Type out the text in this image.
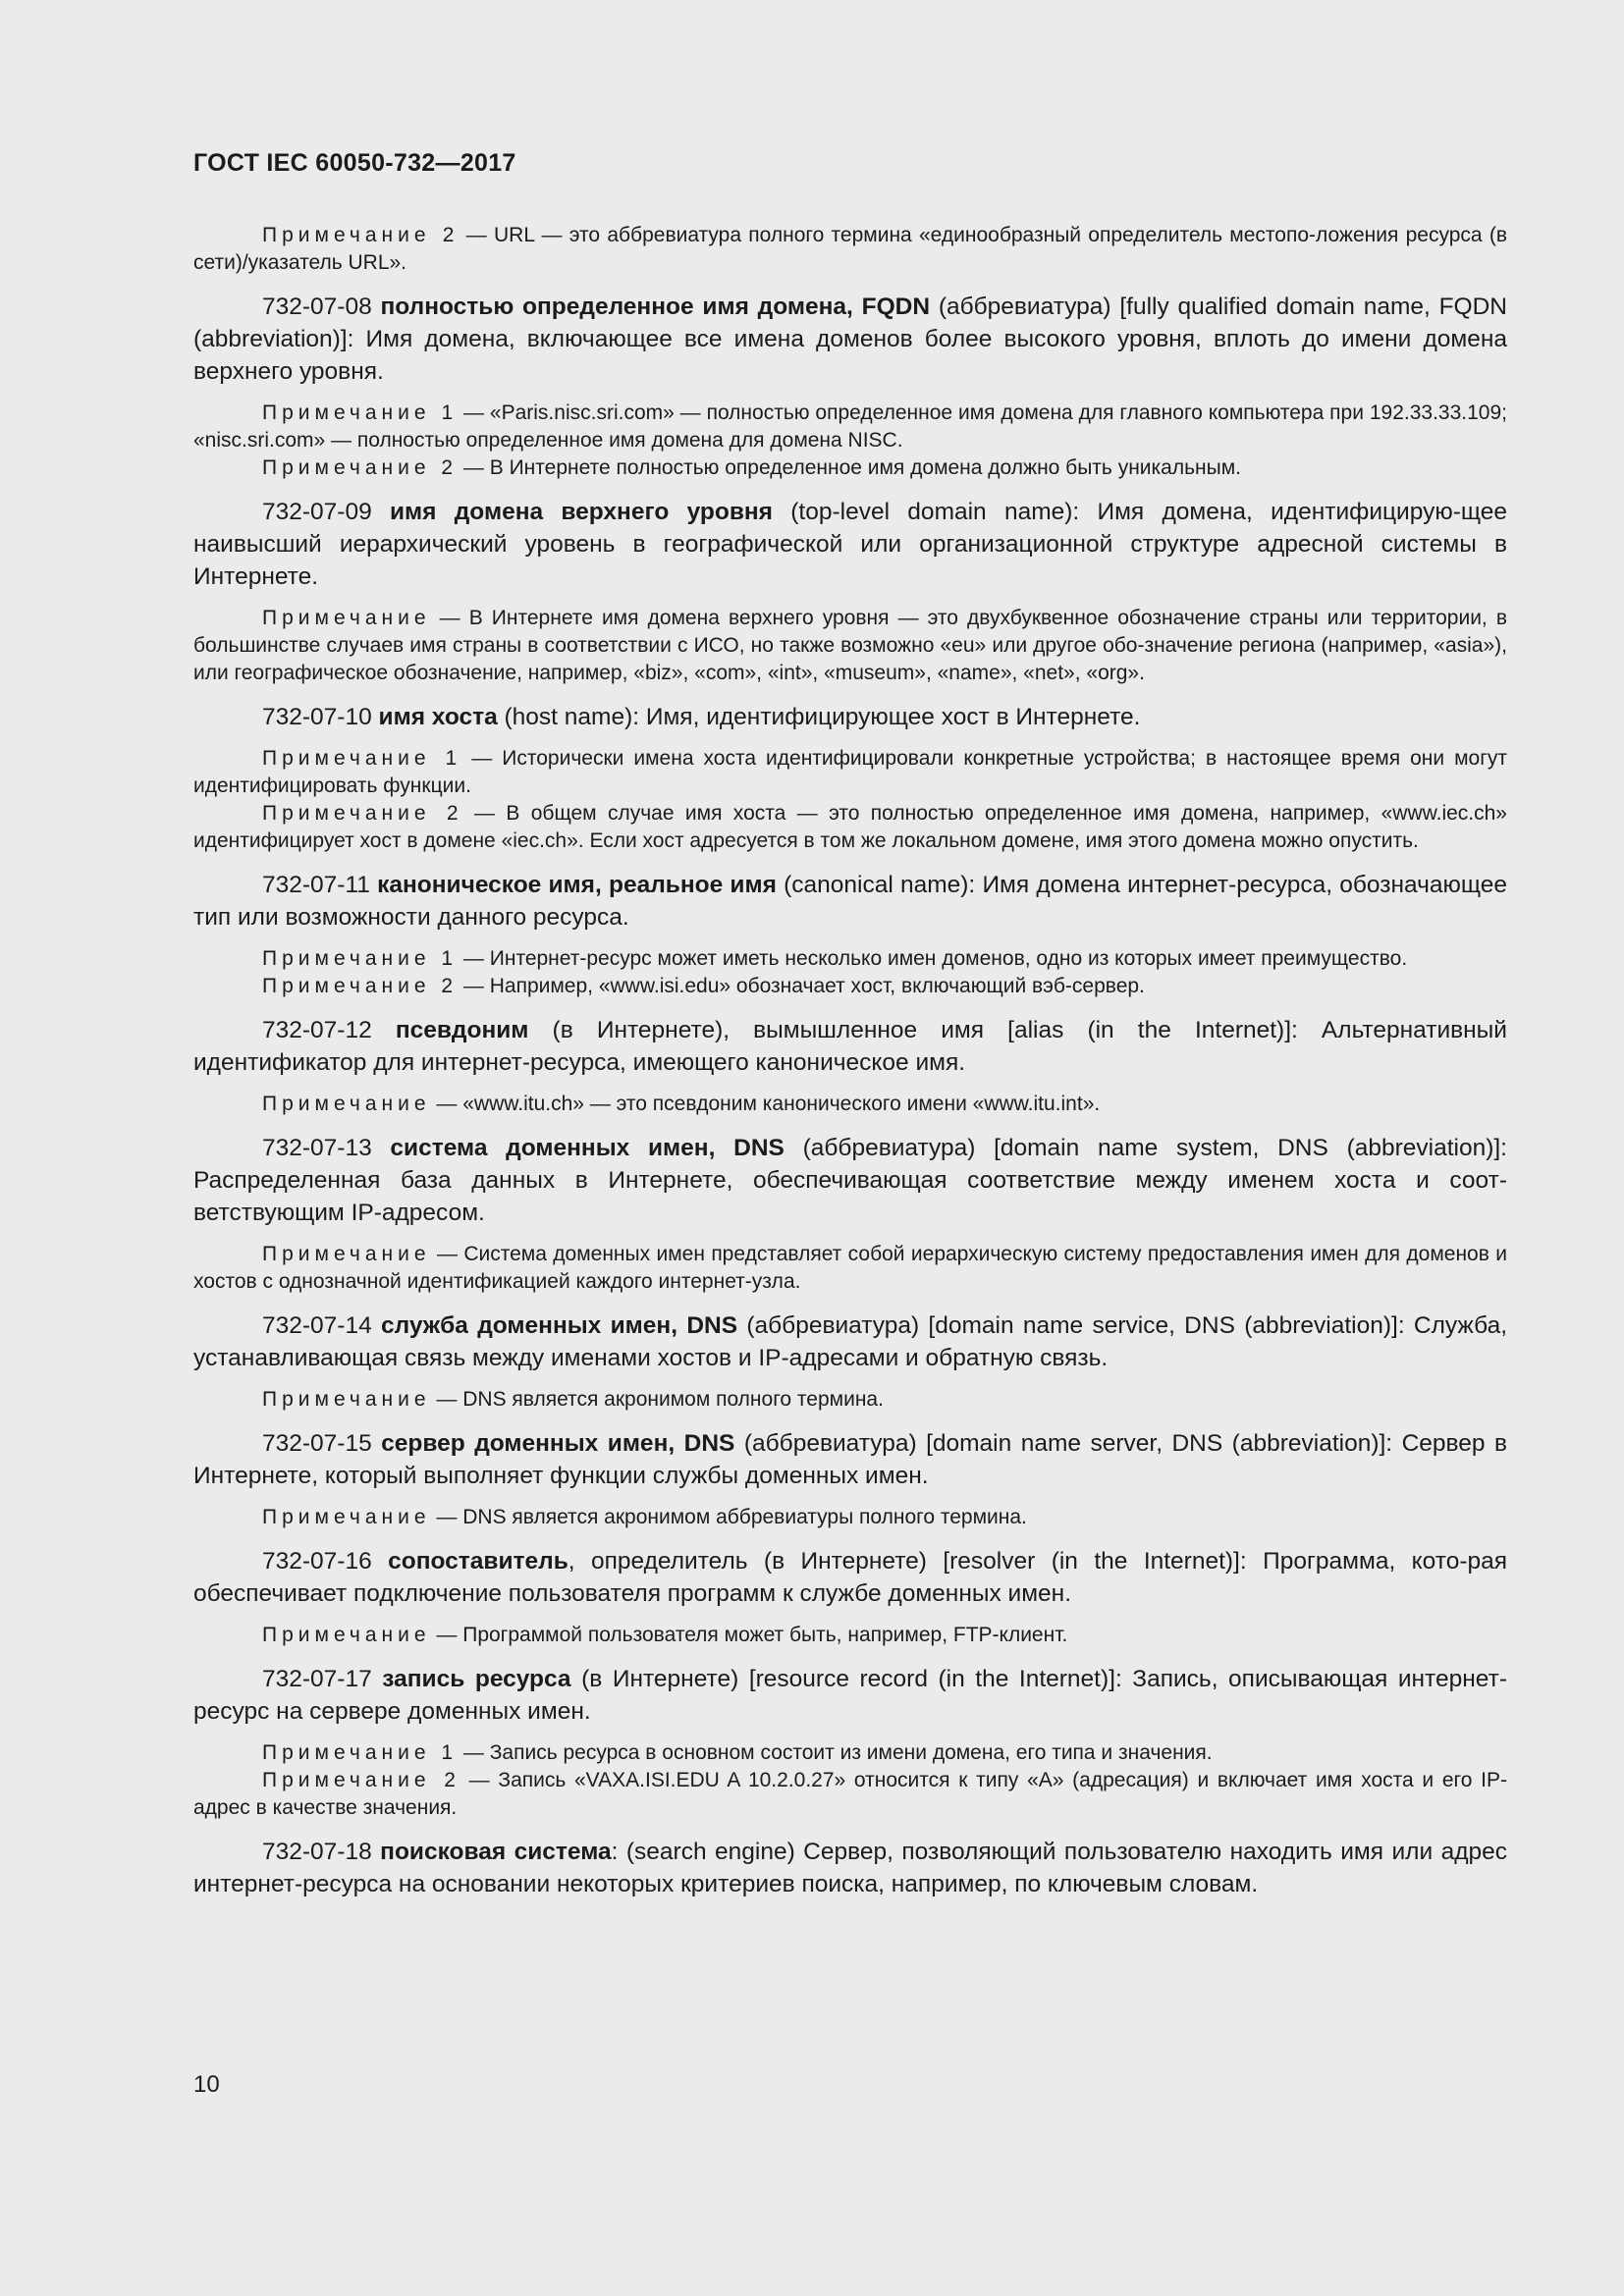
ГОСТ IEC 60050-732—2017

Примечание 2 — URL — это аббревиатура полного термина «единообразный определитель местопо-ложения ресурса (в сети)/указатель URL».

732-07-08 полностью определенное имя домена, FQDN (аббревиатура) [fully qualified domain name, FQDN (abbreviation)]: Имя домена, включающее все имена доменов более высокого уровня, вплоть до имени домена верхнего уровня.

Примечание 1 — «Paris.nisc.sri.com» — полностью определенное имя домена для главного компьютера при 192.33.33.109; «nisc.sri.com» — полностью определенное имя домена для домена NISC.

Примечание 2 — В Интернете полностью определенное имя домена должно быть уникальным.

732-07-09 имя домена верхнего уровня (top-level domain name): Имя домена, идентифицирую-щее наивысший иерархический уровень в географической или организационной структуре адресной системы в Интернете.

Примечание — В Интернете имя домена верхнего уровня — это двухбуквенное обозначение страны или территории, в большинстве случаев имя страны в соответствии с ИСО, но также возможно «eu» или другое обо-значение региона (например, «asia»), или географическое обозначение, например, «biz», «com», «int», «museum», «name», «net», «org».

732-07-10 имя хоста (host name): Имя, идентифицирующее хост в Интернете.

Примечание 1 — Исторически имена хоста идентифицировали конкретные устройства; в настоящее время они могут идентифицировать функции.

Примечание 2 — В общем случае имя хоста — это полностью определенное имя домена, например, «www.iec.ch» идентифицирует хост в домене «iec.ch». Если хост адресуется в том же локальном домене, имя этого домена можно опустить.

732-07-11 каноническое имя, реальное имя (canonical name): Имя домена интернет-ресурса, обозначающее тип или возможности данного ресурса.

Примечание 1 — Интернет-ресурс может иметь несколько имен доменов, одно из которых имеет преимущество.

Примечание 2 — Например, «www.isi.edu» обозначает хост, включающий вэб-сервер.

732-07-12 псевдоним (в Интернете), вымышленное имя [alias (in the Internet)]: Альтернативный идентификатор для интернет-ресурса, имеющего каноническое имя.

Примечание — «www.itu.ch» — это псевдоним канонического имени «www.itu.int».

732-07-13 система доменных имен, DNS (аббревиатура) [domain name system, DNS (abbreviation)]: Распределенная база данных в Интернете, обеспечивающая соответствие между именем хоста и соот-ветствующим IP-адресом.

Примечание — Система доменных имен представляет собой иерархическую систему предоставления имен для доменов и хостов с однозначной идентификацией каждого интернет-узла.

732-07-14 служба доменных имен, DNS (аббревиатура) [domain name service, DNS (abbreviation)]: Служба, устанавливающая связь между именами хостов и IP-адресами и обратную связь.

Примечание — DNS является акронимом полного термина.

732-07-15 сервер доменных имен, DNS (аббревиатура) [domain name server, DNS (abbreviation)]: Сервер в Интернете, который выполняет функции службы доменных имен.

Примечание — DNS является акронимом аббревиатуры полного термина.

732-07-16 сопоставитель, определитель (в Интернете) [resolver (in the Internet)]: Программа, кото-рая обеспечивает подключение пользователя программ к службе доменных имен.

Примечание — Программой пользователя может быть, например, FTP-клиент.

732-07-17 запись ресурса (в Интернете) [resource record (in the Internet)]: Запись, описывающая интернет-ресурс на сервере доменных имен.

Примечание 1 — Запись ресурса в основном состоит из имени домена, его типа и значения.

Примечание 2 — Запись «VAXA.ISI.EDU A 10.2.0.27» относится к типу «A» (адресация) и включает имя хоста и его IP-адрес в качестве значения.

732-07-18 поисковая система: (search engine) Сервер, позволяющий пользователю находить имя или адрес интернет-ресурса на основании некоторых критериев поиска, например, по ключевым словам.

10
